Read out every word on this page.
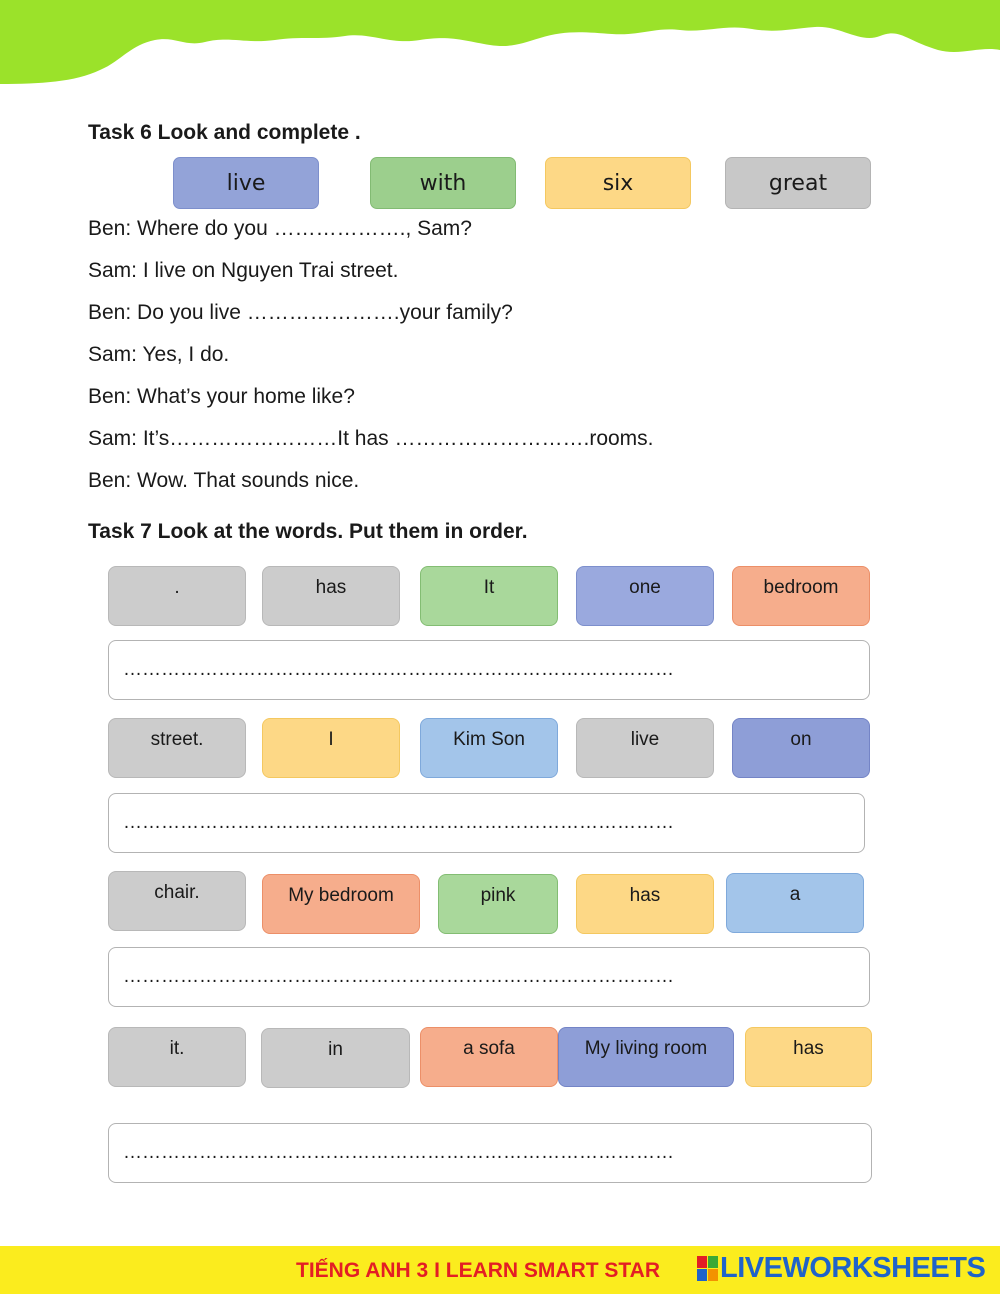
Task 6 Look and complete .
live	with	six	great
Ben: Where do you ………………., Sam?
Sam: I live on Nguyen Trai street.
Ben: Do you live ………………….your family?
Sam: Yes, I do.
Ben: What’s your home like?
Sam: It’s……………………It has ……………………….rooms.
Ben: Wow. That sounds nice.
Task 7 Look at the words. Put them in order.
.	has	It	one	bedroom
……………………………………………………………………………
street.	I	Kim Son	live	on
……………………………………………………………………………
chair.	My bedroom	pink	has	a
……………………………………………………………………………
it.	in	a sofa	My living room	has
……………………………………………………………………………
TIẾNG ANH 3 I LEARN SMART STAR LIVEWORKSHEETS
